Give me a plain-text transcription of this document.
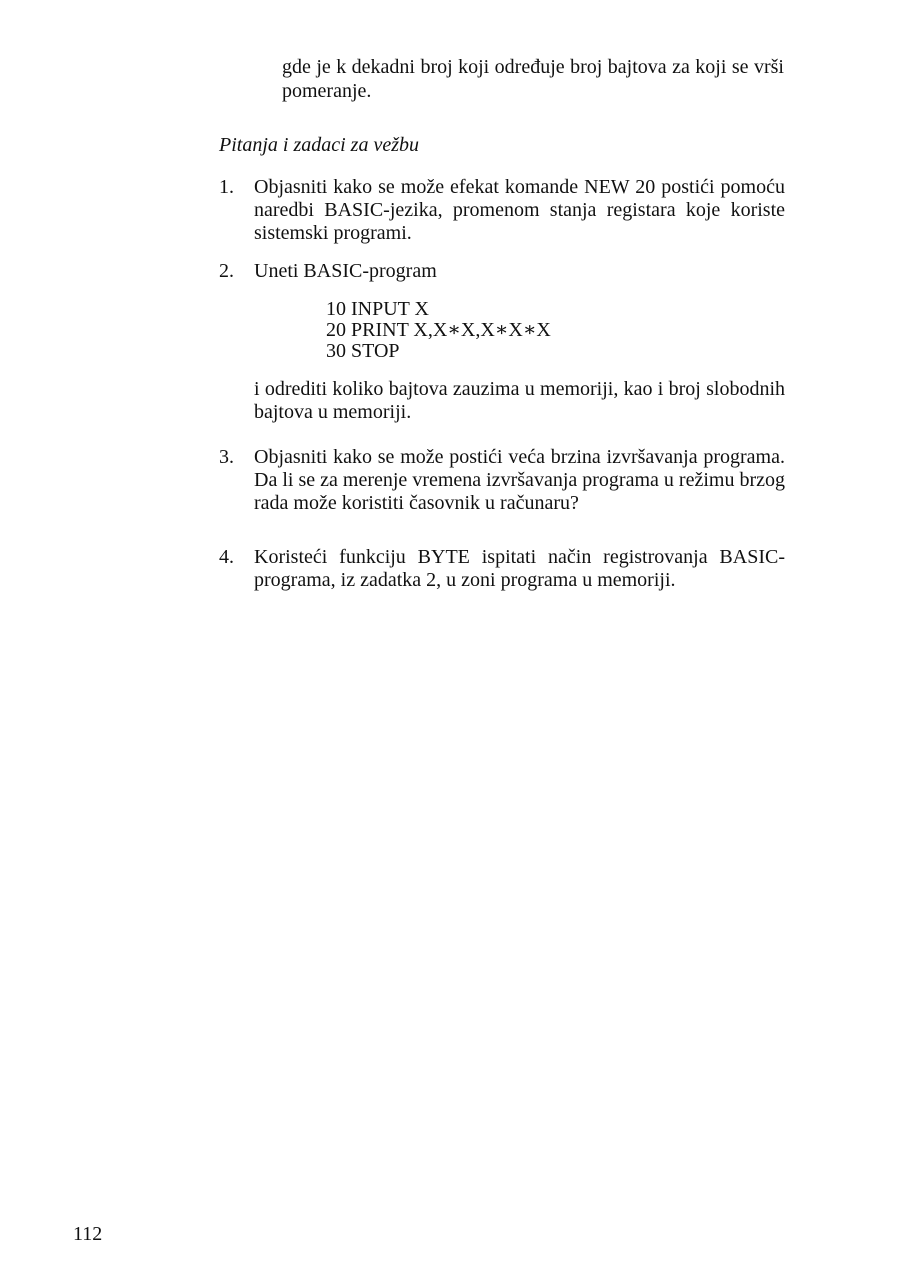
gde je k dekadni broj koji određuje broj bajtova za koji se vrši pomeranje.

Pitanja i zadaci za vežbu
1.	Objasniti kako se može efekat komande NEW 20 postići pomoću naredbi BASIC-jezika, promenom stanja registara koje koriste sistemski programi.
2.	Uneti BASIC-program
10 INPUT X
20 PRINT X,X∗X,X∗X∗X
30 STOP
i odrediti koliko bajtova zauzima u memoriji, kao i broj slobodnih bajtova u memoriji.
3.	Objasniti kako se može postići veća brzina izvršavanja programa. Da li se za merenje vremena izvršavanja programa u režimu brzog rada može koristiti časovnik u računaru?
4.	Koristeći funkciju BYTE ispitati način registrovanja BASIC-programa, iz zadatka 2, u zoni programa u memoriji.
112
